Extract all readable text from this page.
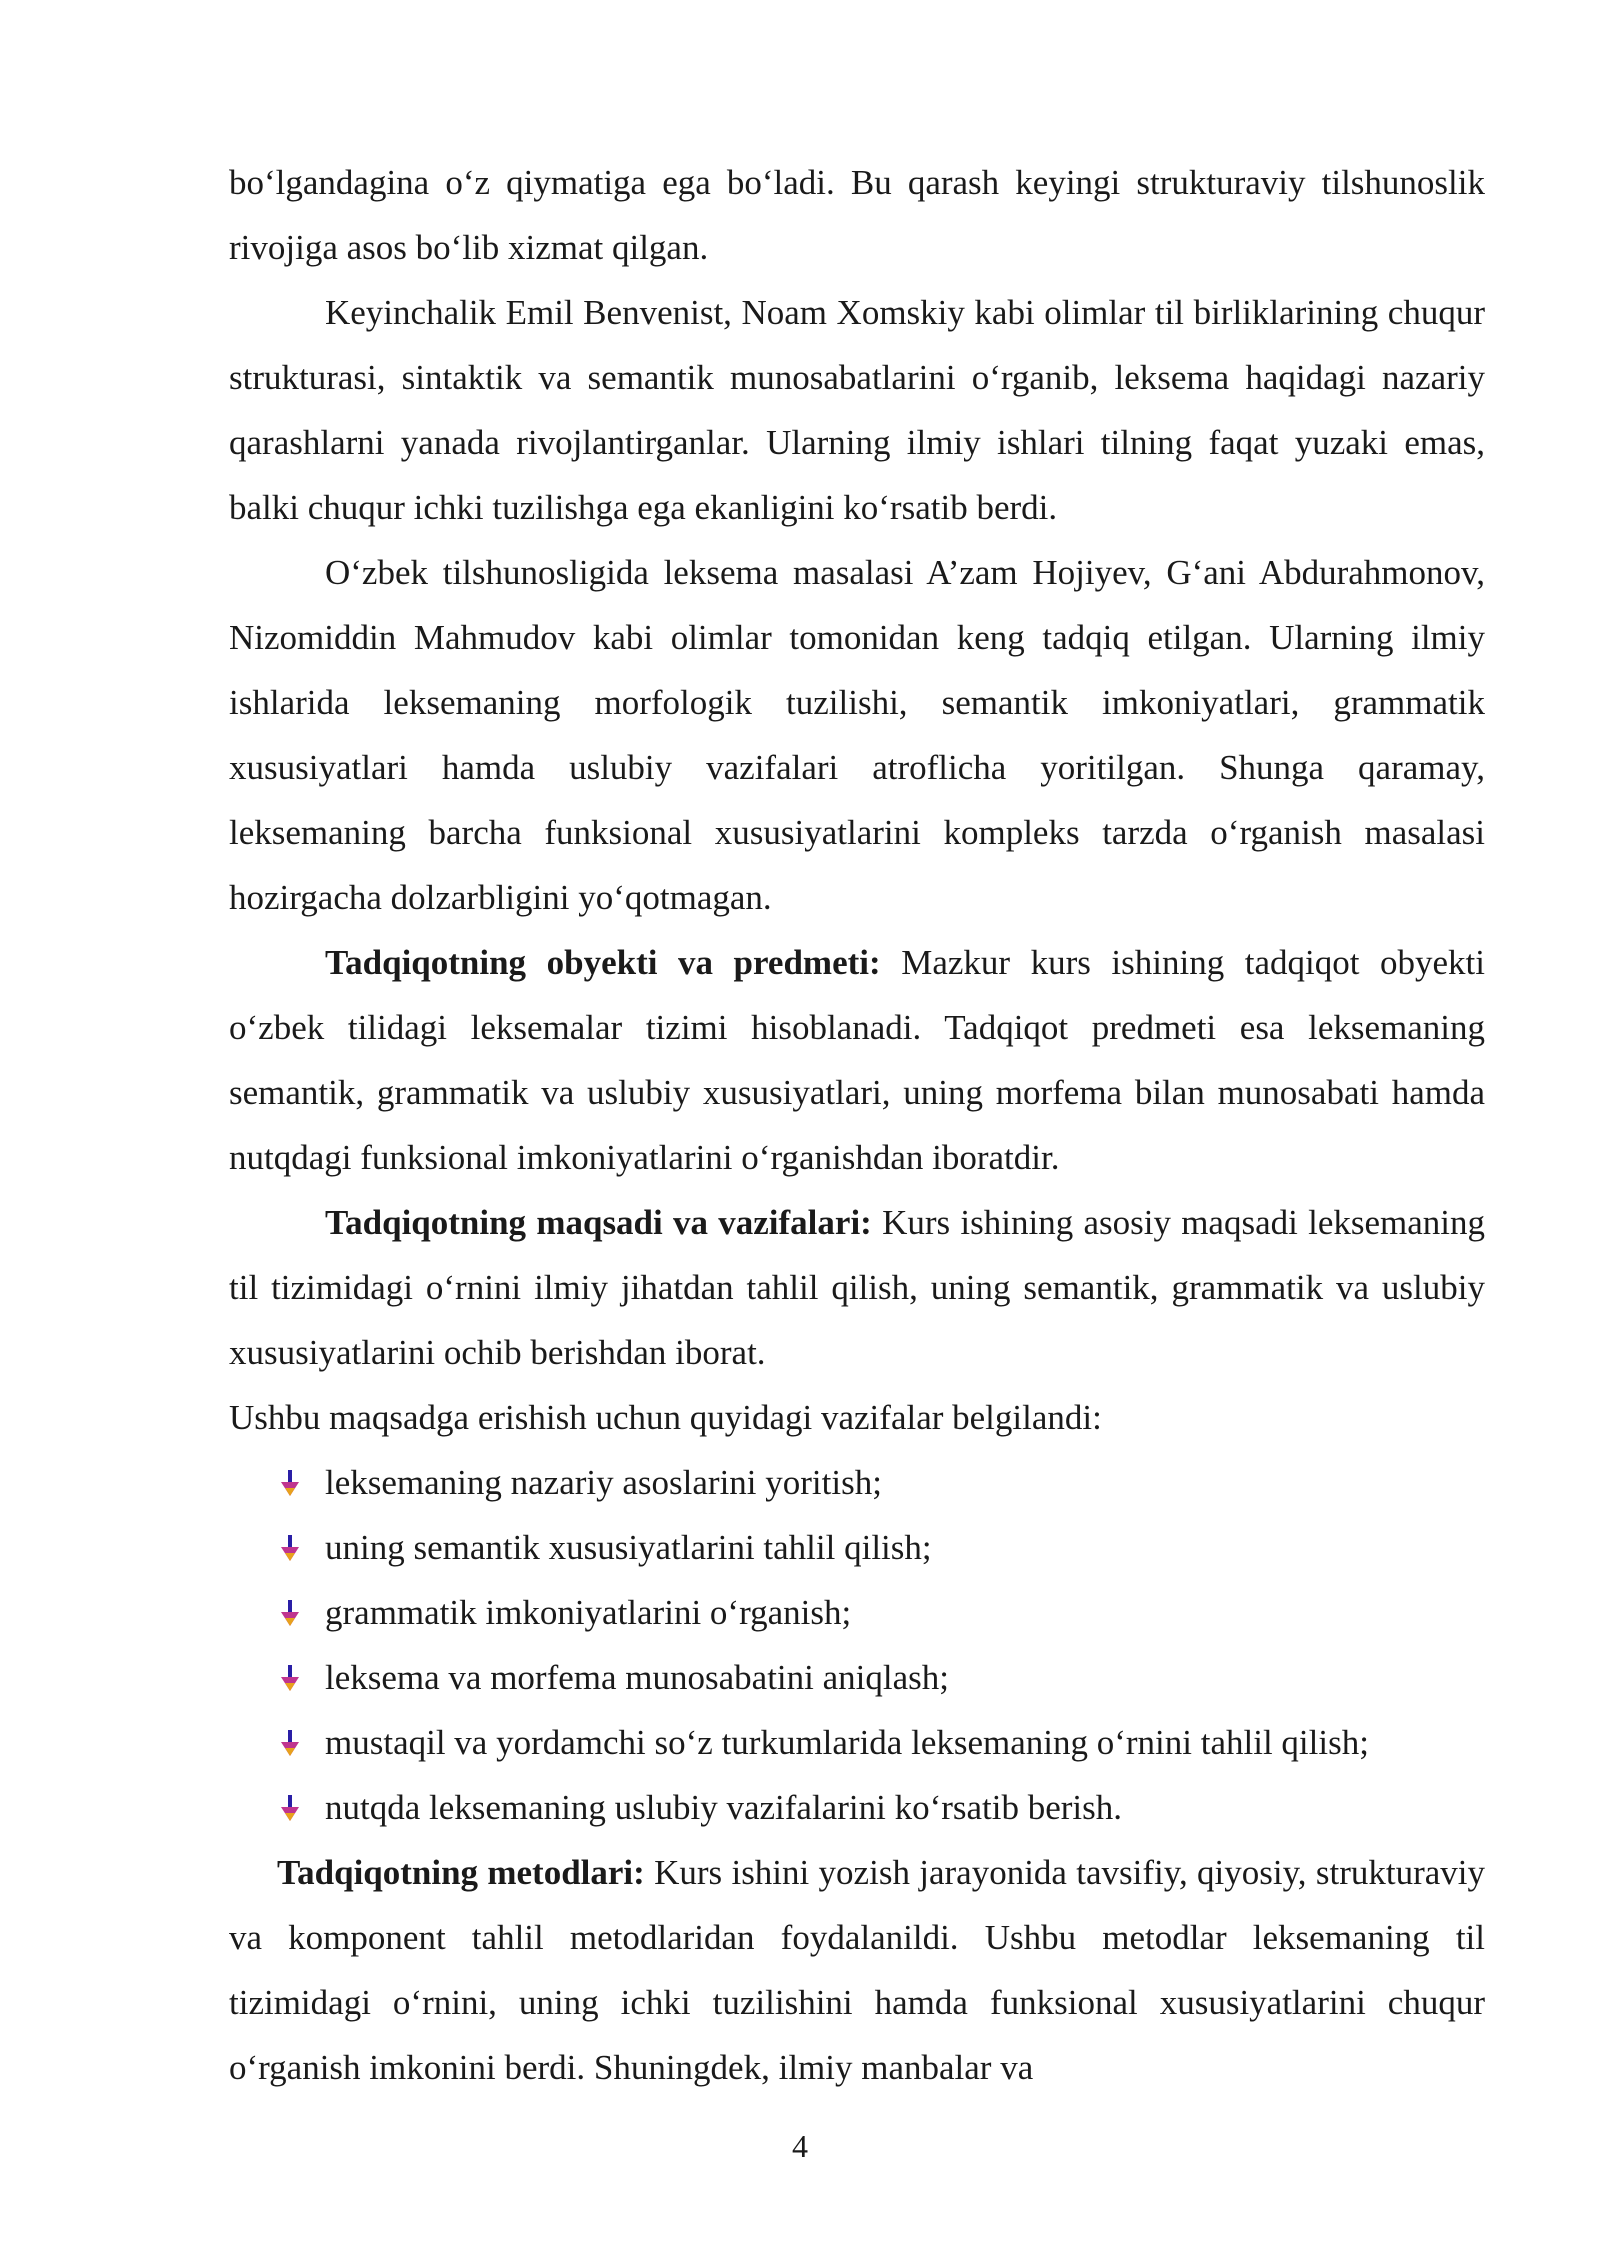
bo‘lgandagina o‘z qiymatiga ega bo‘ladi. Bu qarash keyingi strukturaviy tilshunoslik rivojiga asos bo‘lib xizmat qilgan.

Keyinchalik Emil Benvenist, Noam Xomskiy kabi olimlar til birliklarining chuqur strukturasi, sintaktik va semantik munosabatlarini o‘rganib, leksema haqidagi nazariy qarashlarni yanada rivojlantirganlar. Ularning ilmiy ishlari tilning faqat yuzaki emas, balki chuqur ichki tuzilishga ega ekanligini ko‘rsatib berdi.

O‘zbek tilshunosligida leksema masalasi A’zam Hojiyev, G‘ani Abdurahmonov, Nizomiddin Mahmudov kabi olimlar tomonidan keng tadqiq etilgan. Ularning ilmiy ishlarida leksemaning morfologik tuzilishi, semantik imkoniyatlari, grammatik xususiyatlari hamda uslubiy vazifalari atroflicha yoritilgan. Shunga qaramay, leksemaning barcha funksional xususiyatlarini kompleks tarzda o‘rganish masalasi hozirgacha dolzarbligini yo‘qotmagan.

Tadqiqotning obyekti va predmeti: Mazkur kurs ishining tadqiqot obyekti o‘zbek tilidagi leksemalar tizimi hisoblanadi. Tadqiqot predmeti esa leksemaning semantik, grammatik va uslubiy xususiyatlari, uning morfema bilan munosabati hamda nutqdagi funksional imkoniyatlarini o‘rganishdan iboratdir.

Tadqiqotning maqsadi va vazifalari: Kurs ishining asosiy maqsadi leksemaning til tizimidagi o‘rnini ilmiy jihatdan tahlil qilish, uning semantik, grammatik va uslubiy xususiyatlarini ochib berishdan iborat.

Ushbu maqsadga erishish uchun quyidagi vazifalar belgilandi:

leksemaning nazariy asoslarini yoritish;
uning semantik xususiyatlarini tahlil qilish;
grammatik imkoniyatlarini o‘rganish;
leksema va morfema munosabatini aniqlash;
mustaqil va yordamchi so‘z turkumlarida leksemaning o‘rnini tahlil qilish;
nutqda leksemaning uslubiy vazifalarini ko‘rsatib berish.

Tadqiqotning metodlari: Kurs ishini yozish jarayonida tavsifiy, qiyosiy, strukturaviy va komponent tahlil metodlaridan foydalanildi. Ushbu metodlar leksemaning til tizimidagi o‘rnini, uning ichki tuzilishini hamda funksional xususiyatlarini chuqur o‘rganish imkonini berdi. Shuningdek, ilmiy manbalar va

4
